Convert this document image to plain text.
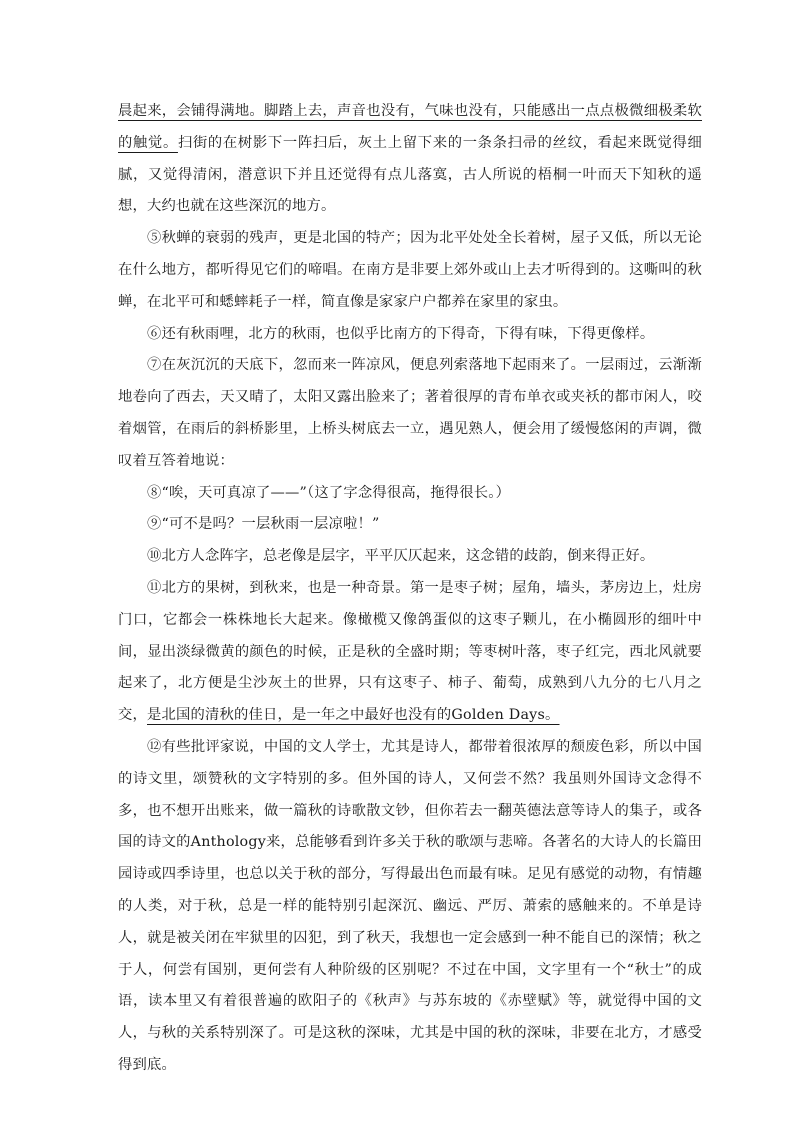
晨起来，会铺得满地。脚踏上去，声音也没有，气味也没有，只能感出一点点极微细极柔软的触觉。扫街的在树影下一阵扫后，灰土上留下来的一条条扫帚的丝纹，看起来既觉得细腻，又觉得清闲，潜意识下并且还觉得有点儿落寞，古人所说的梧桐一叶而天下知秋的遥想，大约也就在这些深沉的地方。

⑤秋蝉的衰弱的残声，更是北国的特产；因为北平处处全长着树，屋子又低，所以无论在什么地方，都听得见它们的啼唱。在南方是非要上郊外或山上去才听得到的。这嘶叫的秋蝉，在北平可和蟋蟀耗子一样，简直像是家家户户都养在家里的家虫。

⑥还有秋雨哩，北方的秋雨，也似乎比南方的下得奇，下得有味，下得更像样。

⑦在灰沉沉的天底下，忽而来一阵凉风，便息列索落地下起雨来了。一层雨过，云渐渐地卷向了西去，天又晴了，太阳又露出脸来了；著着很厚的青布单衣或夹袄的都市闲人，咬着烟管，在雨后的斜桥影里，上桥头树底去一立，遇见熟人，便会用了缓慢悠闲的声调，微叹着互答着地说：

⑧“唉，天可真凉了——”（这了字念得很高，拖得很长。）

⑨“可不是吗？一层秋雨一层凉啦！”

⑩北方人念阵字，总老像是层字，平平仄仄起来，这念错的歧韵，倒来得正好。

⑪北方的果树，到秋来，也是一种奇景。第一是枣子树；屋角，墙头，茅房边上，灶房门口，它都会一株株地长大起来。像橄榄又像鸽蛋似的这枣子颗儿，在小椭圆形的细叶中间，显出淡绿微黄的颜色的时候，正是秋的全盛时期；等枣树叶落，枣子红完，西北风就要起来了，北方便是尘沙灰土的世界，只有这枣子、柿子、葡萄，成熟到八九分的七八月之交，是北国的清秋的佳日，是一年之中最好也没有的Golden Days。

⑫有些批评家说，中国的文人学士，尤其是诗人，都带着很浓厚的颓废色彩，所以中国的诗文里，颂赞秋的文字特别的多。但外国的诗人，又何尝不然？我虽则外国诗文念得不多，也不想开出账来，做一篇秋的诗歌散文钞，但你若去一翻英德法意等诗人的集子，或各国的诗文的Anthology来，总能够看到许多关于秋的歌颂与悲啼。各著名的大诗人的长篇田园诗或四季诗里，也总以关于秋的部分，写得最出色而最有味。足见有感觉的动物，有情趣的人类，对于秋，总是一样的能特别引起深沉、幽远、严厉、萧索的感触来的。不单是诗人，就是被关闭在牢狱里的囚犯，到了秋天，我想也一定会感到一种不能自已的深情；秋之于人，何尝有国别，更何尝有人种阶级的区别呢？不过在中国，文字里有一个“秋士”的成语，读本里又有着很普遍的欧阳子的《秋声》与苏东坡的《赤壁赋》等，就觉得中国的文人，与秋的关系特别深了。可是这秋的深味，尤其是中国的秋的深味，非要在北方，才感受得到底。
